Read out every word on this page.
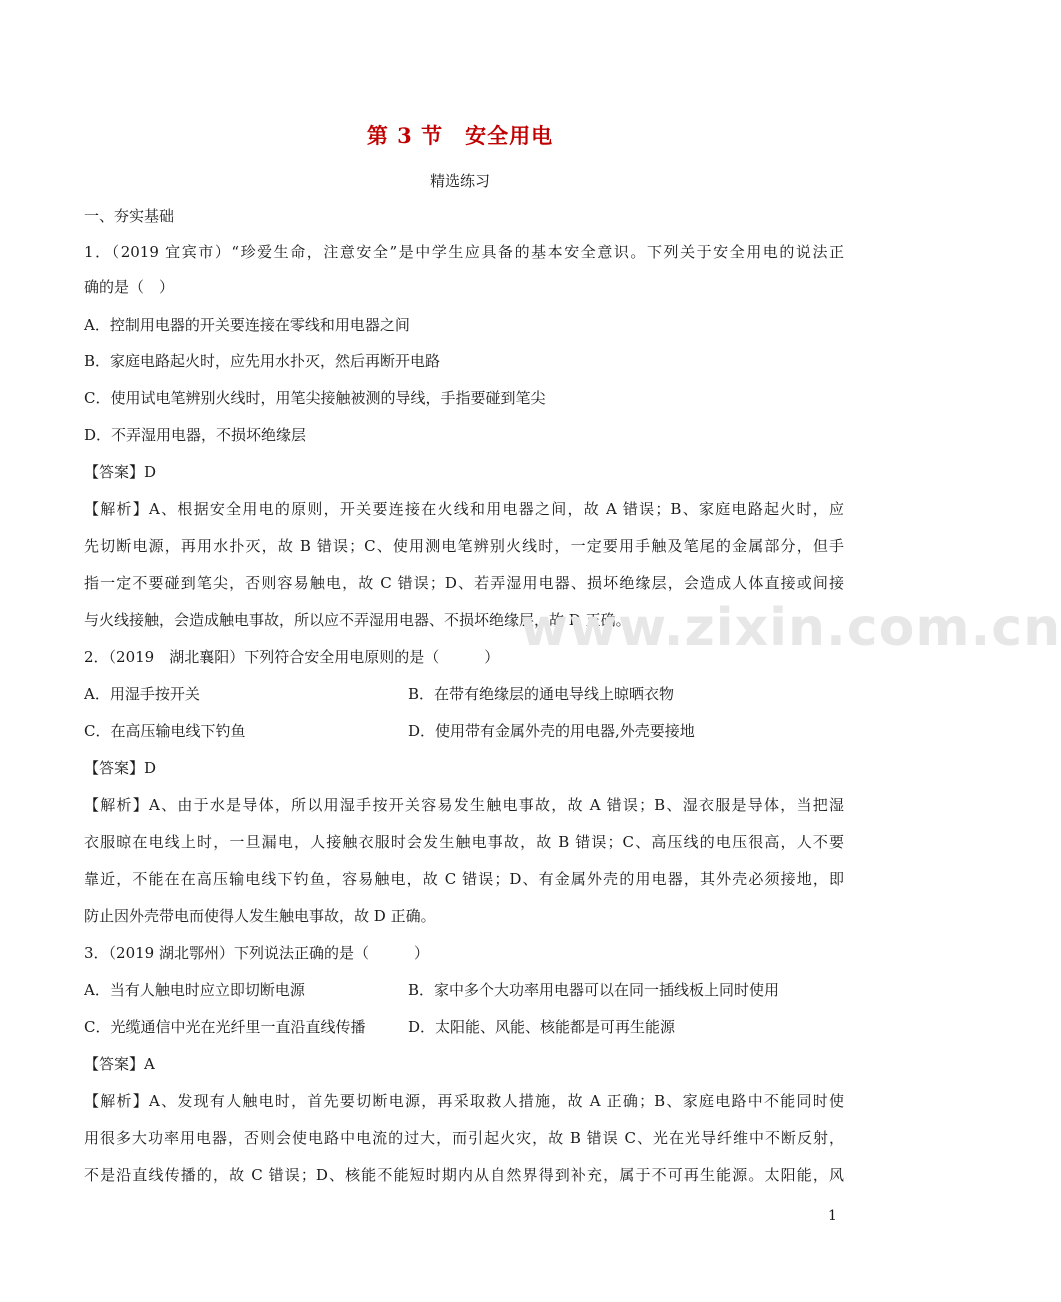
第 3 节　安全用电
精选练习
一、夯实基础
1．（2019 宜宾市）“珍爱生命，注意安全”是中学生应具备的基本安全意识。下列关于安全用电的说法正
确的是（　）
A．控制用电器的开关要连接在零线和用电器之间
B．家庭电路起火时，应先用水扑灭，然后再断开电路
C．使用试电笔辨别火线时，用笔尖接触被测的导线，手指要碰到笔尖
D．不弄湿用电器，不损坏绝缘层
【答案】D
【解析】A、根据安全用电的原则，开关要连接在火线和用电器之间，故 A 错误；B、家庭电路起火时，应
先切断电源，再用水扑灭，故 B 错误；C、使用测电笔辨别火线时，一定要用手触及笔尾的金属部分，但手
指一定不要碰到笔尖，否则容易触电，故 C 错误；D、若弄湿用电器、损坏绝缘层，会造成人体直接或间接
与火线接触，会造成触电事故，所以应不弄湿用电器、不损坏绝缘层，故 D 正确。
www.zixin.com.cn
2．（2019　湖北襄阳）下列符合安全用电原则的是（　　　）
A．用湿手按开关	B．在带有绝缘层的通电导线上晾晒衣物
C．在高压输电线下钓鱼	D．使用带有金属外壳的用电器,外壳要接地
【答案】D
【解析】A、由于水是导体，所以用湿手按开关容易发生触电事故，故 A 错误；B、湿衣服是导体，当把湿
衣服晾在电线上时，一旦漏电，人接触衣服时会发生触电事故，故 B 错误；C、高压线的电压很高，人不要
靠近，不能在在高压输电线下钓鱼，容易触电，故 C 错误；D、有金属外壳的用电器，其外壳必须接地，即
防止因外壳带电而使得人发生触电事故，故 D 正确。
3．（2019 湖北鄂州）下列说法正确的是（　　　）
A．当有人触电时应立即切断电源	B．家中多个大功率用电器可以在同一插线板上同时使用
C．光缆通信中光在光纤里一直沿直线传播	D．太阳能、风能、核能都是可再生能源
【答案】A
【解析】A、发现有人触电时，首先要切断电源，再采取救人措施，故 A 正确；B、家庭电路中不能同时使
用很多大功率用电器，否则会使电路中电流的过大，而引起火灾，故 B 错误 C、光在光导纤维中不断反射，
不是沿直线传播的，故 C 错误；D、核能不能短时期内从自然界得到补充，属于不可再生能源。太阳能，风
1
